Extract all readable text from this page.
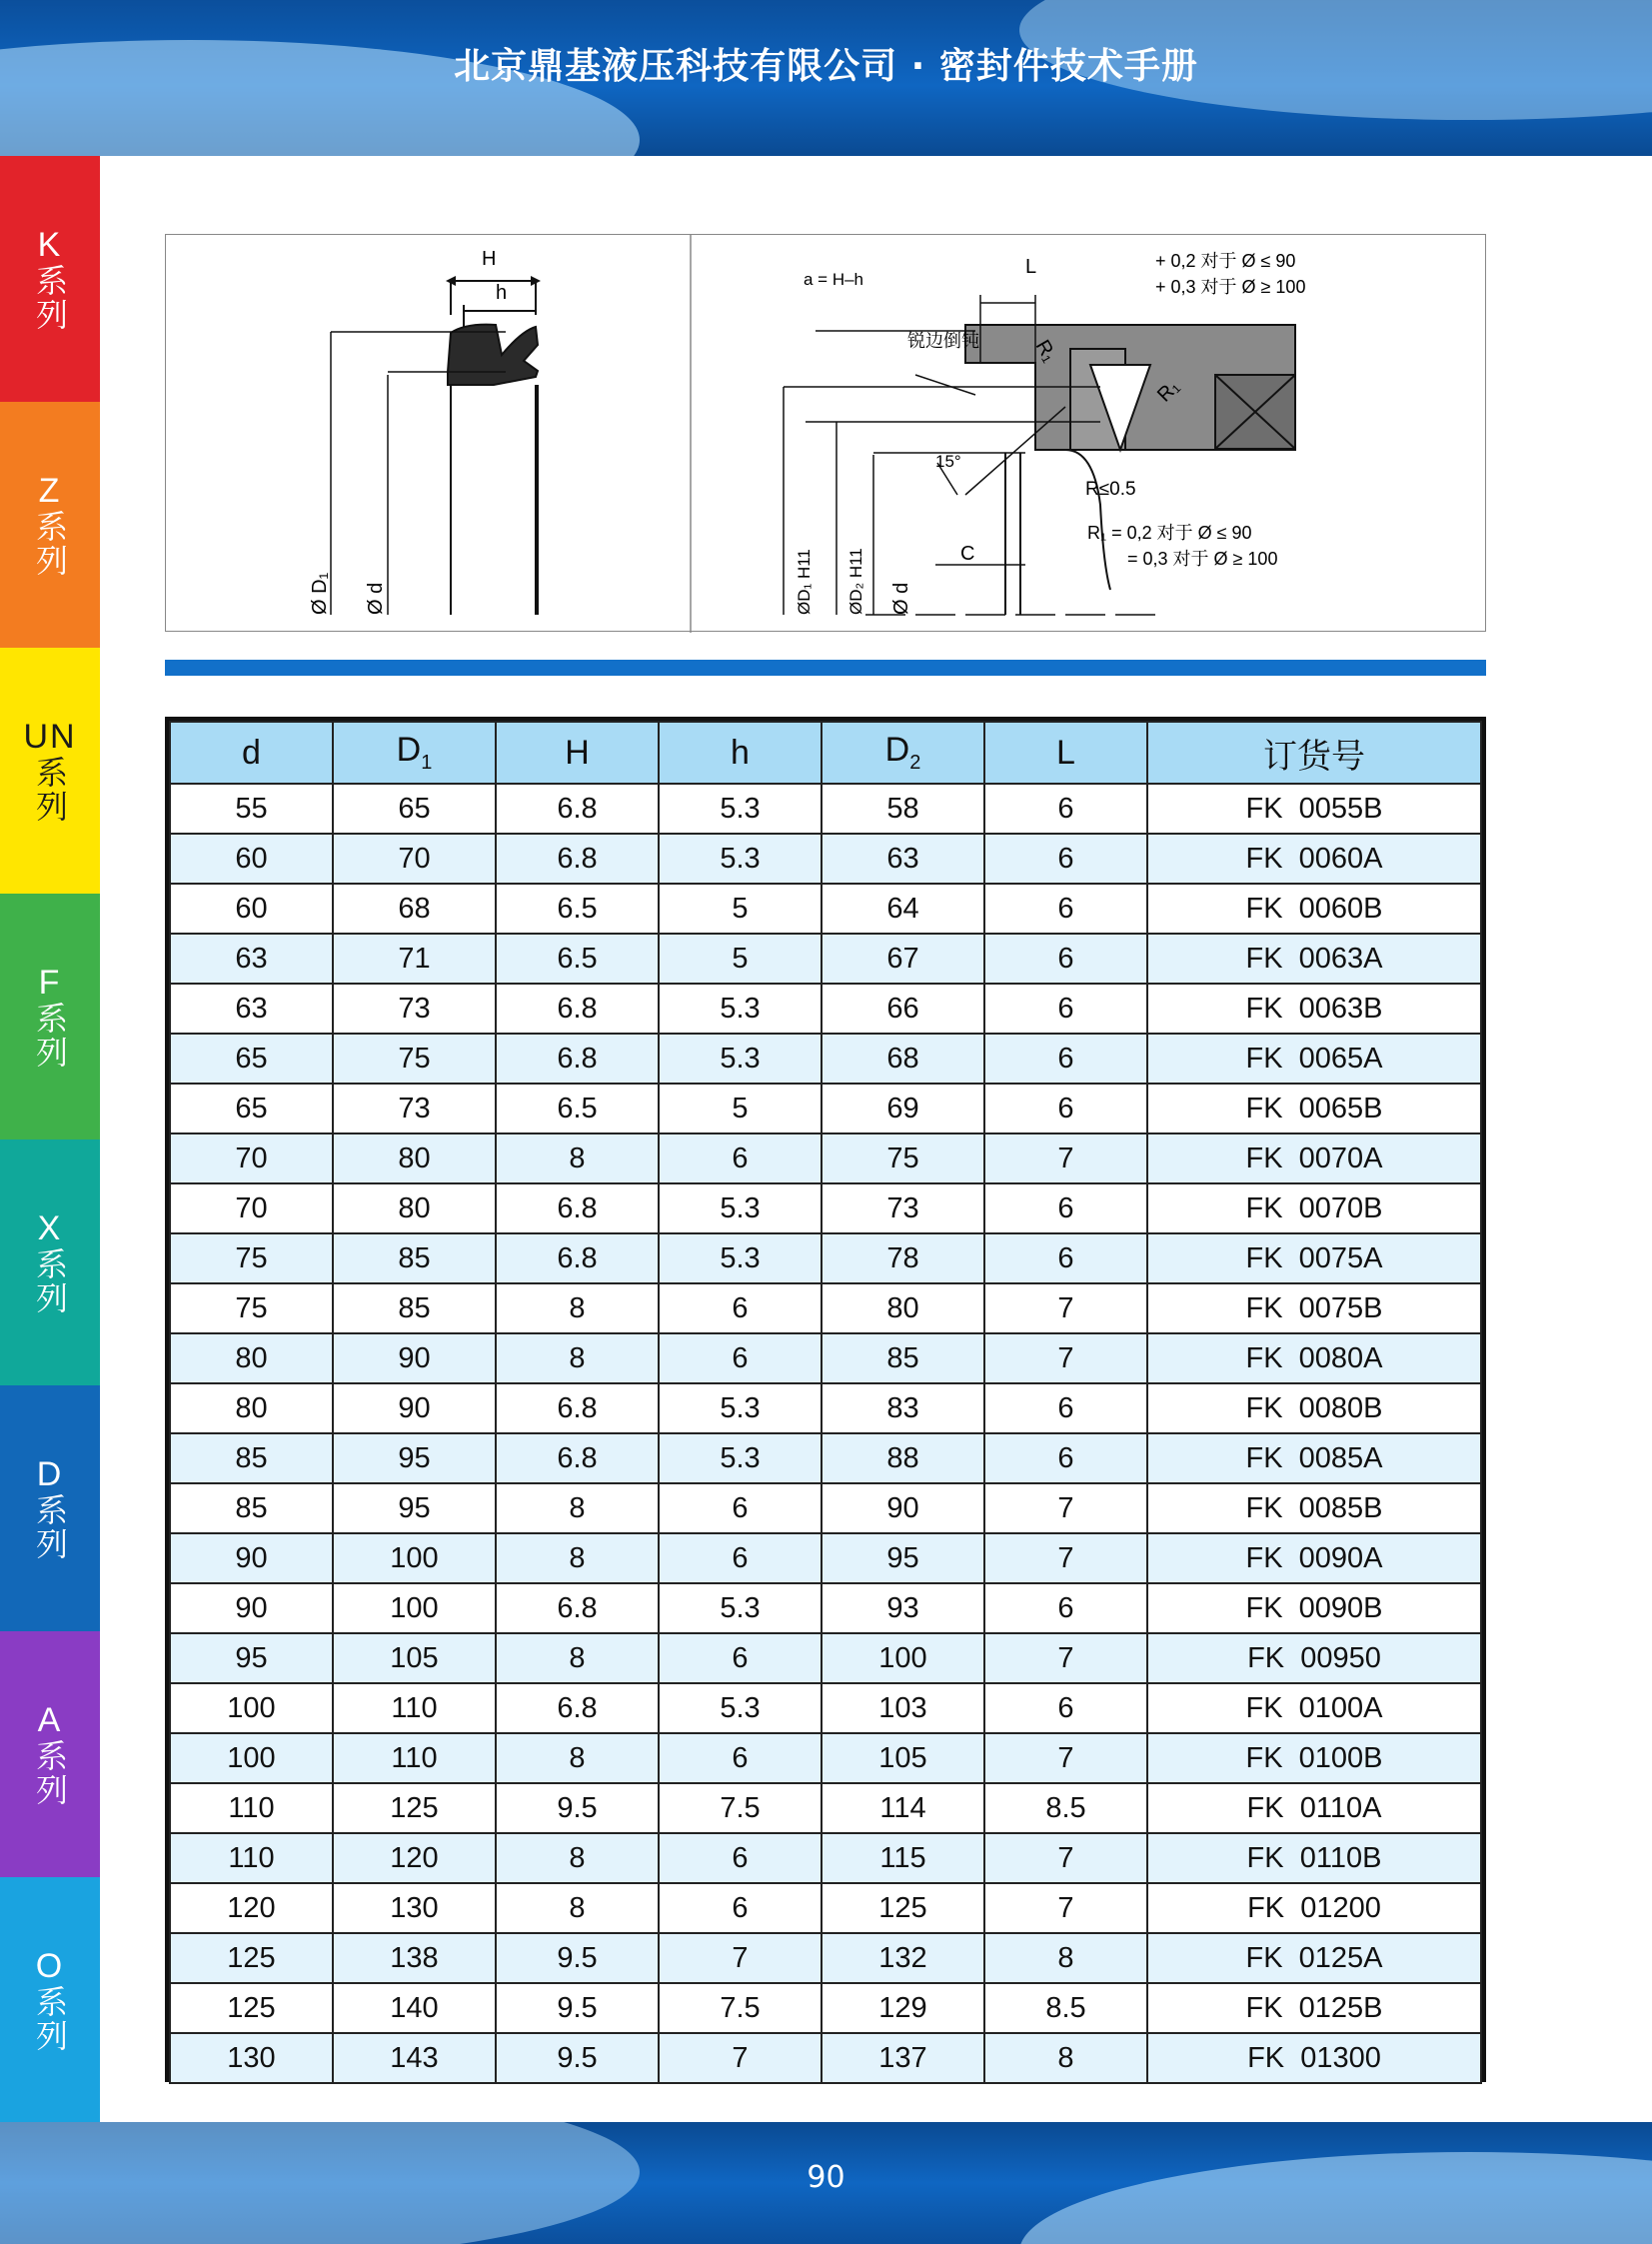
北京鼎基液压科技有限公司 · 密封件技术手册
K
系列
Z
系列
UN
系列
F
系列
X
系列
D
系列
A
系列
O
系列
H
h
Ø D₁ Ø d
a = H–h
L	+ 0,2 对于 Ø ≤ 90
+ 0,3 对于 Ø ≥ 100
锐边倒钝	R₁
R₁
15°
R≤0.5
R₁ = 0,2 对于 Ø ≤ 90
= 0,3 对于 Ø ≥ 100
C
ØD₁ H11 ØD₂ H11 Ø d
d	$D_1$	H	h	$D_2$	L	订货号
55	65	6.8	5.3	58	6	FK  0055B
60	70	6.8	5.3	63	6	FK  0060A
60	68	6.5	5	64	6	FK  0060B
63	71	6.5	5	67	6	FK  0063A
63	73	6.8	5.3	66	6	FK  0063B
65	75	6.8	5.3	68	6	FK  0065A
65	73	6.5	5	69	6	FK  0065B
70	80	8	6	75	7	FK  0070A
70	80	6.8	5.3	73	6	FK  0070B
75	85	6.8	5.3	78	6	FK  0075A
75	85	8	6	80	7	FK  0075B
80	90	8	6	85	7	FK  0080A
80	90	6.8	5.3	83	6	FK  0080B
85	95	6.8	5.3	88	6	FK  0085A
85	95	8	6	90	7	FK  0085B
90	100	8	6	95	7	FK  0090A
90	100	6.8	5.3	93	6	FK  0090B
95	105	8	6	100	7	FK  00950
100	110	6.8	5.3	103	6	FK  0100A
100	110	8	6	105	7	FK  0100B
110	125	9.5	7.5	114	8.5	FK  0110A
110	120	8	6	115	7	FK  0110B
120	130	8	6	125	7	FK  01200
125	138	9.5	7	132	8	FK  0125A
125	140	9.5	7.5	129	8.5	FK  0125B
130	143	9.5	7	137	8	FK  01300
90
